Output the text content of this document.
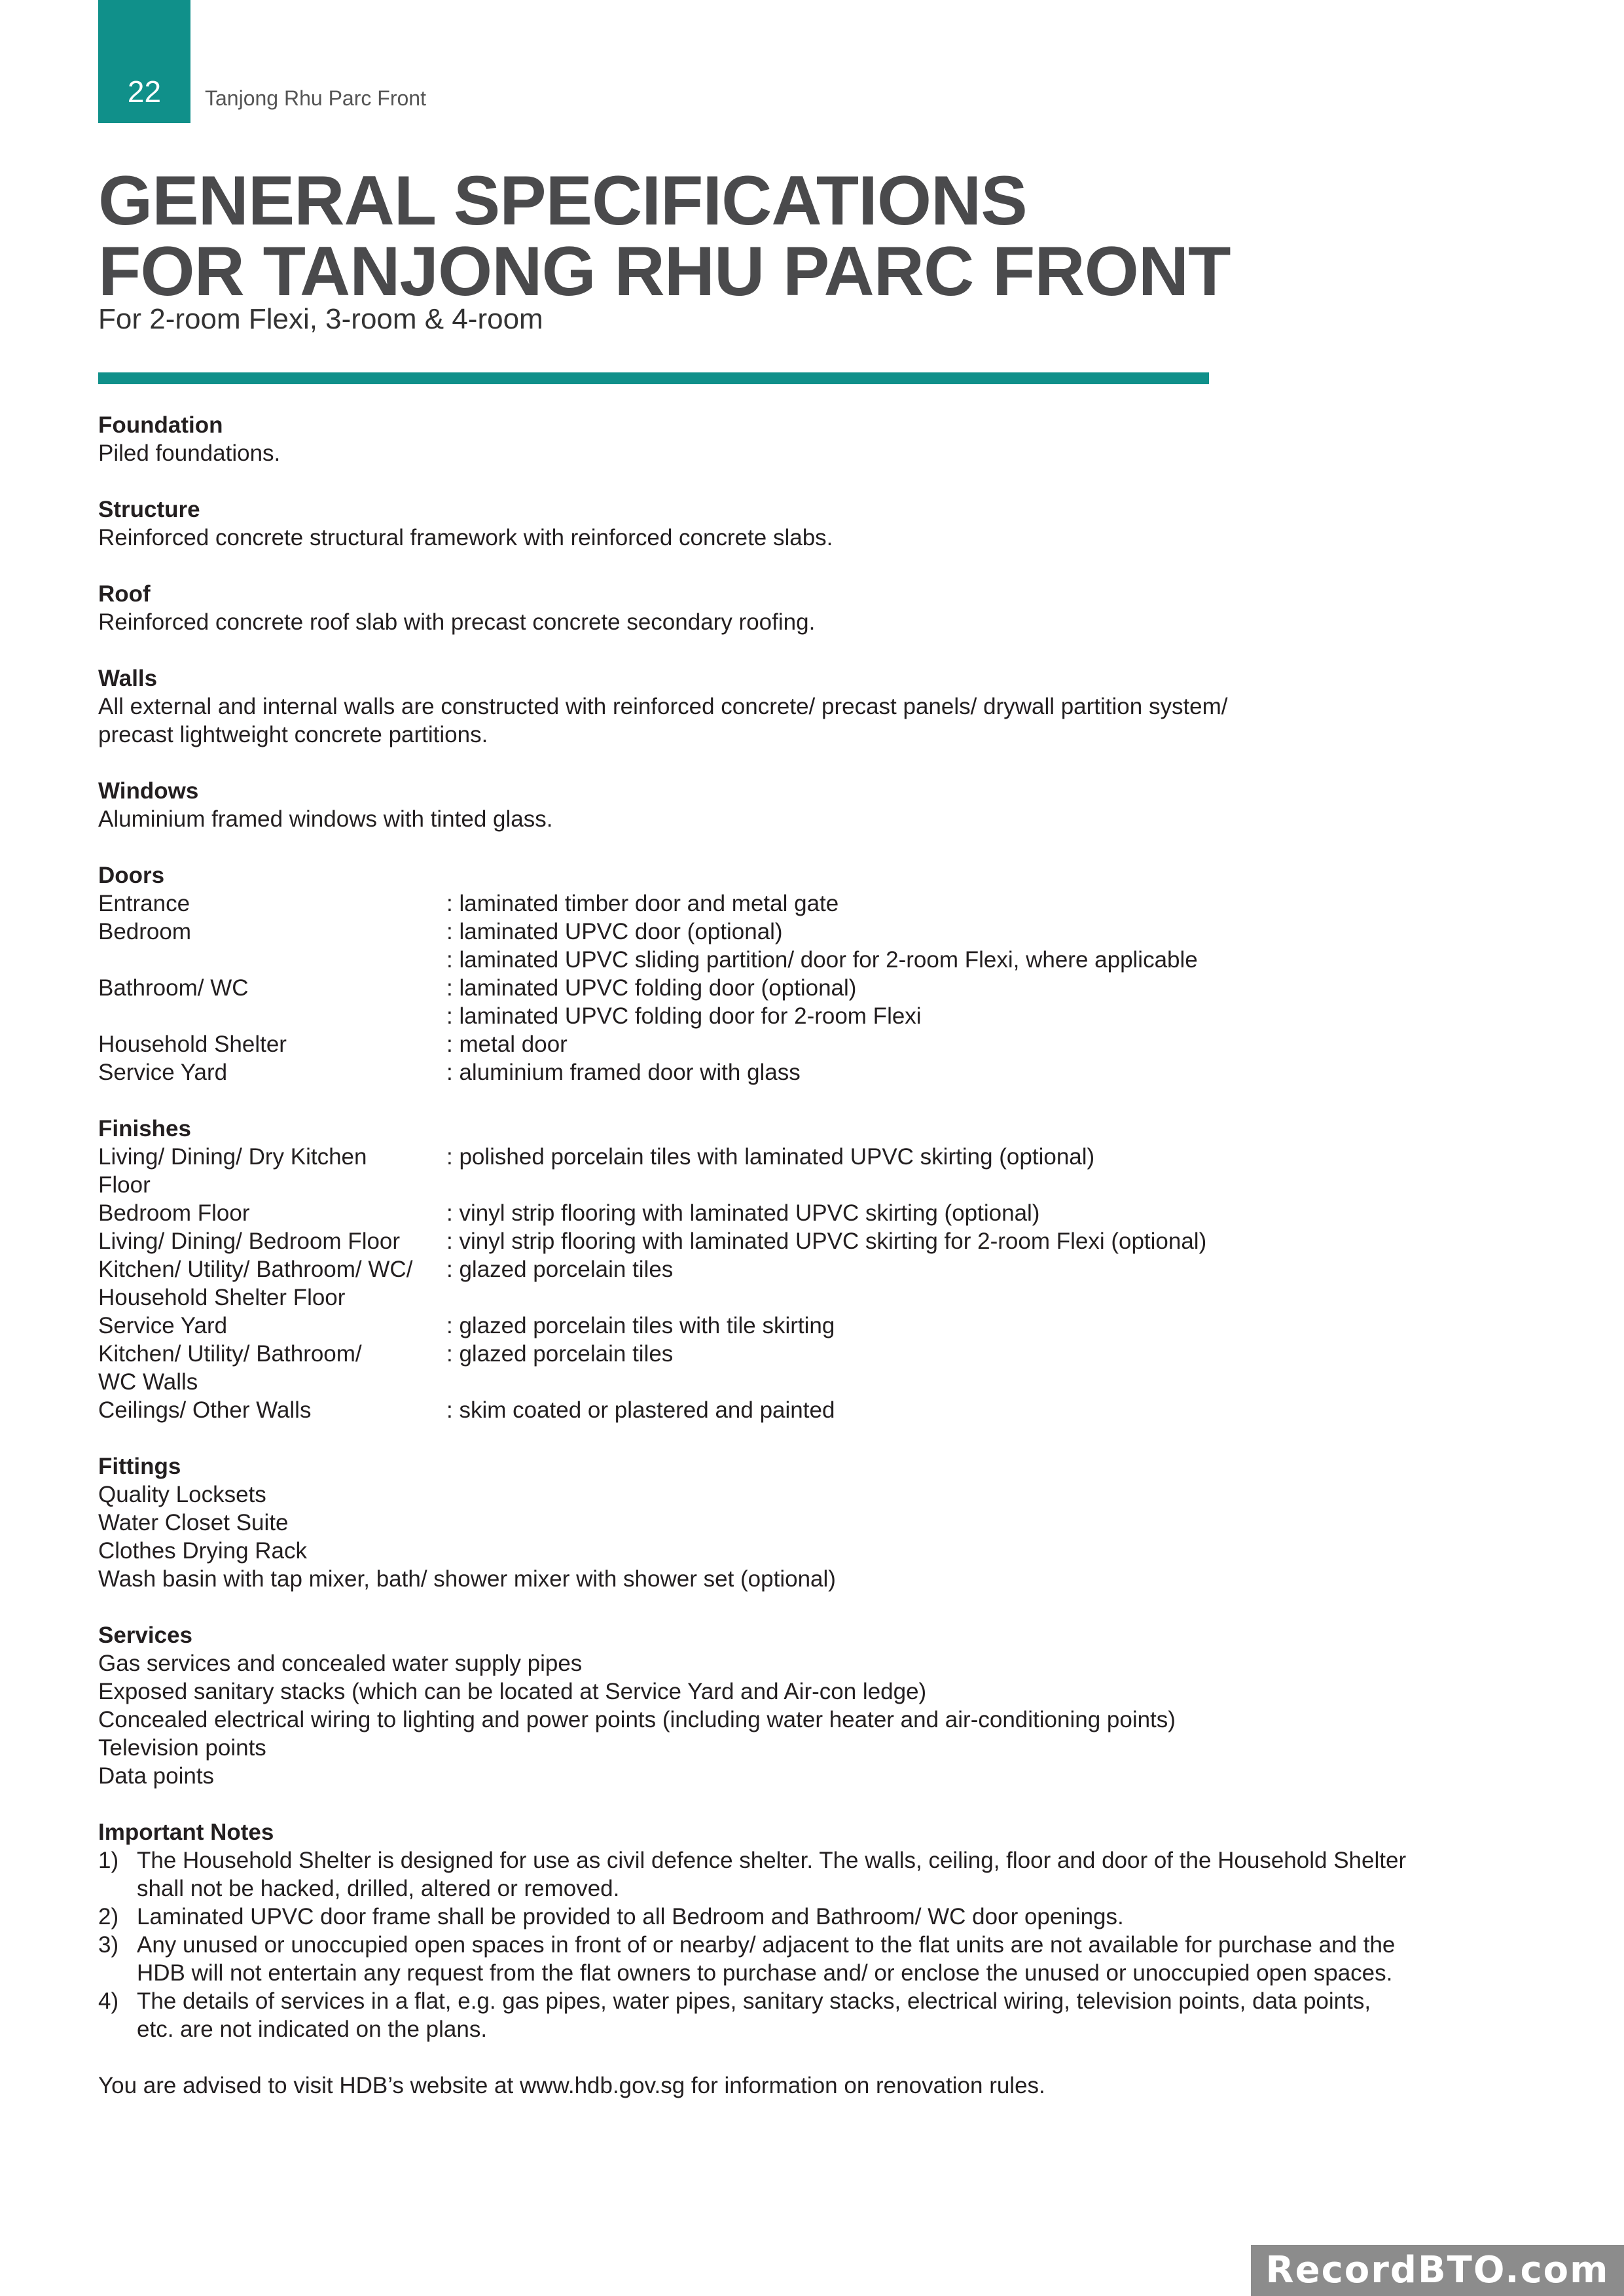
22	Tanjong Rhu Parc Front
GENERAL SPECIFICATIONS
FOR TANJONG RHU PARC FRONT
For 2-room Flexi, 3-room & 4-room
Foundation
Piled foundations.
Structure
Reinforced concrete structural framework with reinforced concrete slabs.
Roof
Reinforced concrete roof slab with precast concrete secondary roofing.
Walls
All external and internal walls are constructed with reinforced concrete/ precast panels/ drywall partition system/
precast lightweight concrete partitions.
Windows
Aluminium framed windows with tinted glass.
Doors
Entrance	: laminated timber door and metal gate
Bedroom	: laminated UPVC door (optional)
: laminated UPVC sliding partition/ door for 2-room Flexi, where applicable
Bathroom/ WC	: laminated UPVC folding door (optional)
: laminated UPVC folding door for 2-room Flexi
Household Shelter	: metal door
Service Yard	: aluminium framed door with glass
Finishes
Living/ Dining/ Dry Kitchen	: polished porcelain tiles with laminated UPVC skirting (optional)
Floor
Bedroom Floor	: vinyl strip flooring with laminated UPVC skirting (optional)
Living/ Dining/ Bedroom Floor	: vinyl strip flooring with laminated UPVC skirting for 2-room Flexi (optional)
Kitchen/ Utility/ Bathroom/ WC/	: glazed porcelain tiles
Household Shelter Floor
Service Yard	: glazed porcelain tiles with tile skirting
Kitchen/ Utility/ Bathroom/	: glazed porcelain tiles
WC Walls
Ceilings/ Other Walls	: skim coated or plastered and painted
Fittings
Quality Locksets
Water Closet Suite
Clothes Drying Rack
Wash basin with tap mixer, bath/ shower mixer with shower set (optional)
Services
Gas services and concealed water supply pipes
Exposed sanitary stacks (which can be located at Service Yard and Air-con ledge)
Concealed electrical wiring to lighting and power points (including water heater and air-conditioning points)
Television points
Data points
Important Notes
1) The Household Shelter is designed for use as civil defence shelter. The walls, ceiling, floor and door of the Household Shelter shall not be hacked, drilled, altered or removed.
2) Laminated UPVC door frame shall be provided to all Bedroom and Bathroom/ WC door openings.
3) Any unused or unoccupied open spaces in front of or nearby/ adjacent to the flat units are not available for purchase and the HDB will not entertain any request from the flat owners to purchase and/ or enclose the unused or unoccupied open spaces.
4) The details of services in a flat, e.g. gas pipes, water pipes, sanitary stacks, electrical wiring, television points, data points, etc. are not indicated on the plans.
You are advised to visit HDB’s website at www.hdb.gov.sg for information on renovation rules.
RecordBTO.com
